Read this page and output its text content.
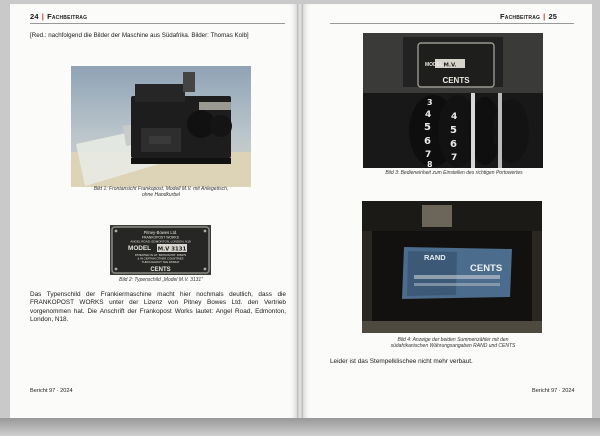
24 | Fachbeitrag
[Red.: nachfolgend die Bilder der Maschine aus Südafrika. Bilder: Thomas Kolb]
Bild 1: Frontansicht Frankopost, Modell M.V. mit Anlegetisch, ohne Handkurbel
Pitney-Bowes Ltd.
FRANKOPOST WORKS
ANGEL ROAD, EDMONTON, LONDON, N18
MODEL M.V 3131
PATENTED IN GT. BRITAIN PAT. 308479
& IN CERTAIN OTHER COUNTRIES
THROUGHOUT THE WORLD
CENTS
Bild 2: Typenschild „Model M.V. 3131“
Das Typenschild der Frankiermaschine macht hier nochmals deutlich, dass die FRANKOPOST WORKS unter der Lizenz von Pitney Bowes Ltd. den Vertrieb vorgenommen hat. Die Anschrift der Frankopost Works lautet: Angel Road, Edmonton, London, N18.
Bericht 97 · 2024
Fachbeitrag | 25
MODEL M.V.
CENTS
3
4
5
6
7
8
4
5
6
7
Bild 3: Bedieneinheit zum Einstellen des richtigen Portowertes
RAND
CENTS
Bild 4: Anzeige der beiden Summenzähler mit den südafrikanischen Währungsangaben RAND und CENTS
Leider ist das Stempelklischee nicht mehr verbaut.
Bericht 97 · 2024
